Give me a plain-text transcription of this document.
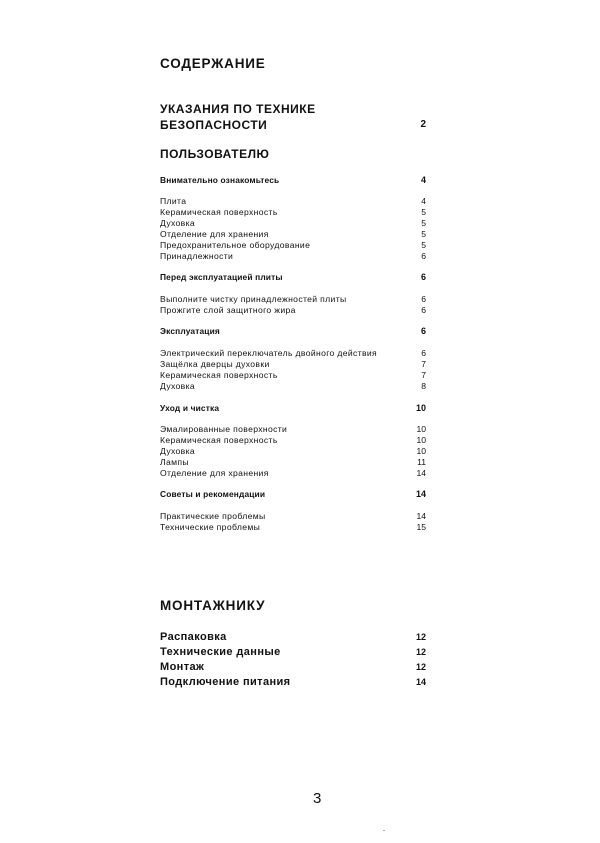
СОДЕРЖАНИЕ
УКАЗАНИЯ ПО ТЕХНИКЕ
БЕЗОПАСНОСТИ	2
ПОЛЬЗОВАТЕЛЮ
Внимательно ознакомьтесь	4
Плита	4
Керамическая поверхность	5
Духовка	5
Отделение для хранения	5
Предохранительное оборудование	5
Принадлежности	6
Перед эксплуатацией плиты	6
Выполните чистку принадлежностей плиты	6
Прожгите слой защитного жира	6
Эксплуатация	6
Электрический переключатель двойного действия	6
Защёлка дверцы духовки	7
Керамическая поверхность	7
Духовка	8
Уход и чистка	10
Эмалированные поверхности	10
Керамическая поверхность	10
Духовка	10
Лампы	11
Отделение для хранения	14
Советы и рекомендации	14
Практические проблемы	14
Технические проблемы	15
МОНТАЖНИКУ
Распаковка	12
Технические данные	12
Монтаж	12
Подключение питания	14
3
